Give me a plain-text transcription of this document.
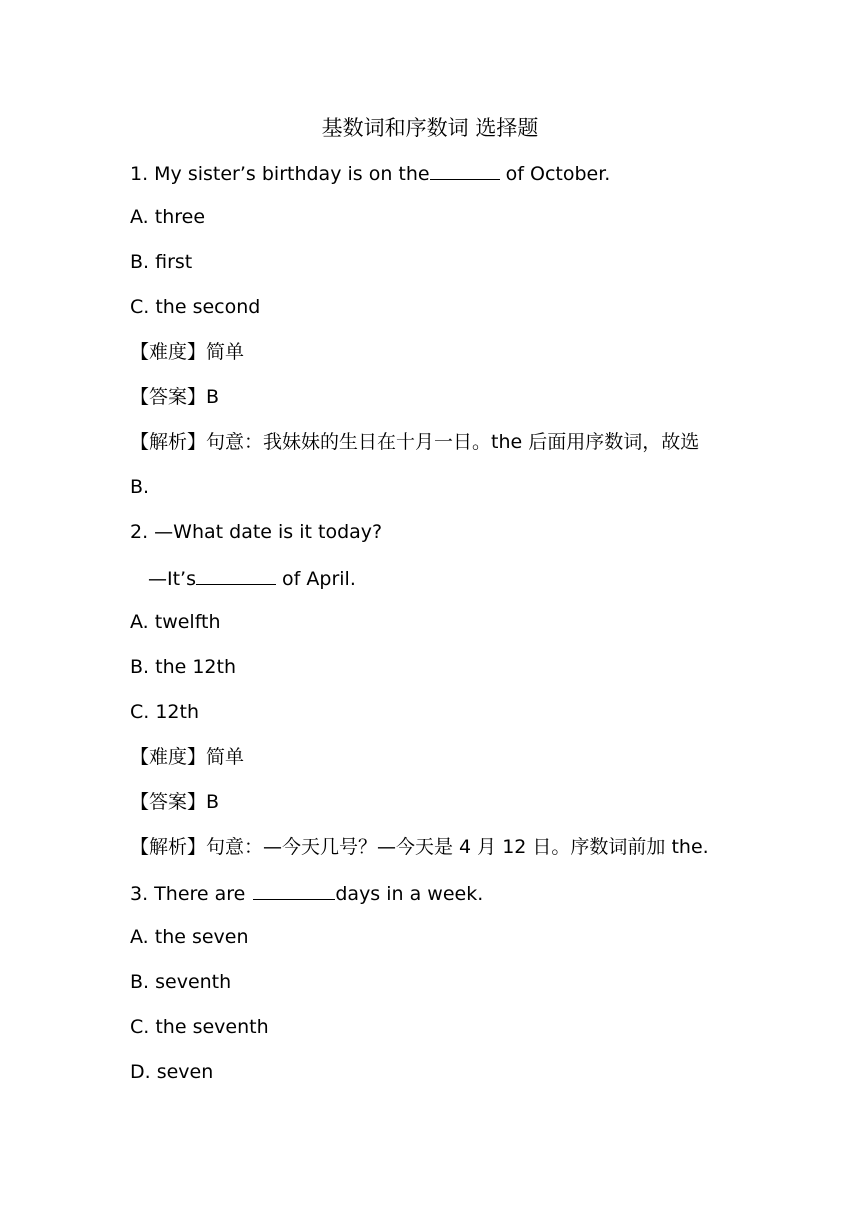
基数词和序数词 选择题
1. My sister’s birthday is on the	of October.
A. three
B. first
C. the second
【难度】简单
【答案】B
【解析】句意：我妹妹的生日在十月一日。the 后面用序数词，故选
B.
2. —What date is it today?
—It’s	of April.
A. twelfth
B. the 12th
C. 12th
【难度】简单
【答案】B
【解析】句意：—今天几号？—今天是 4 月 12 日。序数词前加 the.
3. There are	days in a week.
A. the seven
B. seventh
C. the seventh
D. seven
